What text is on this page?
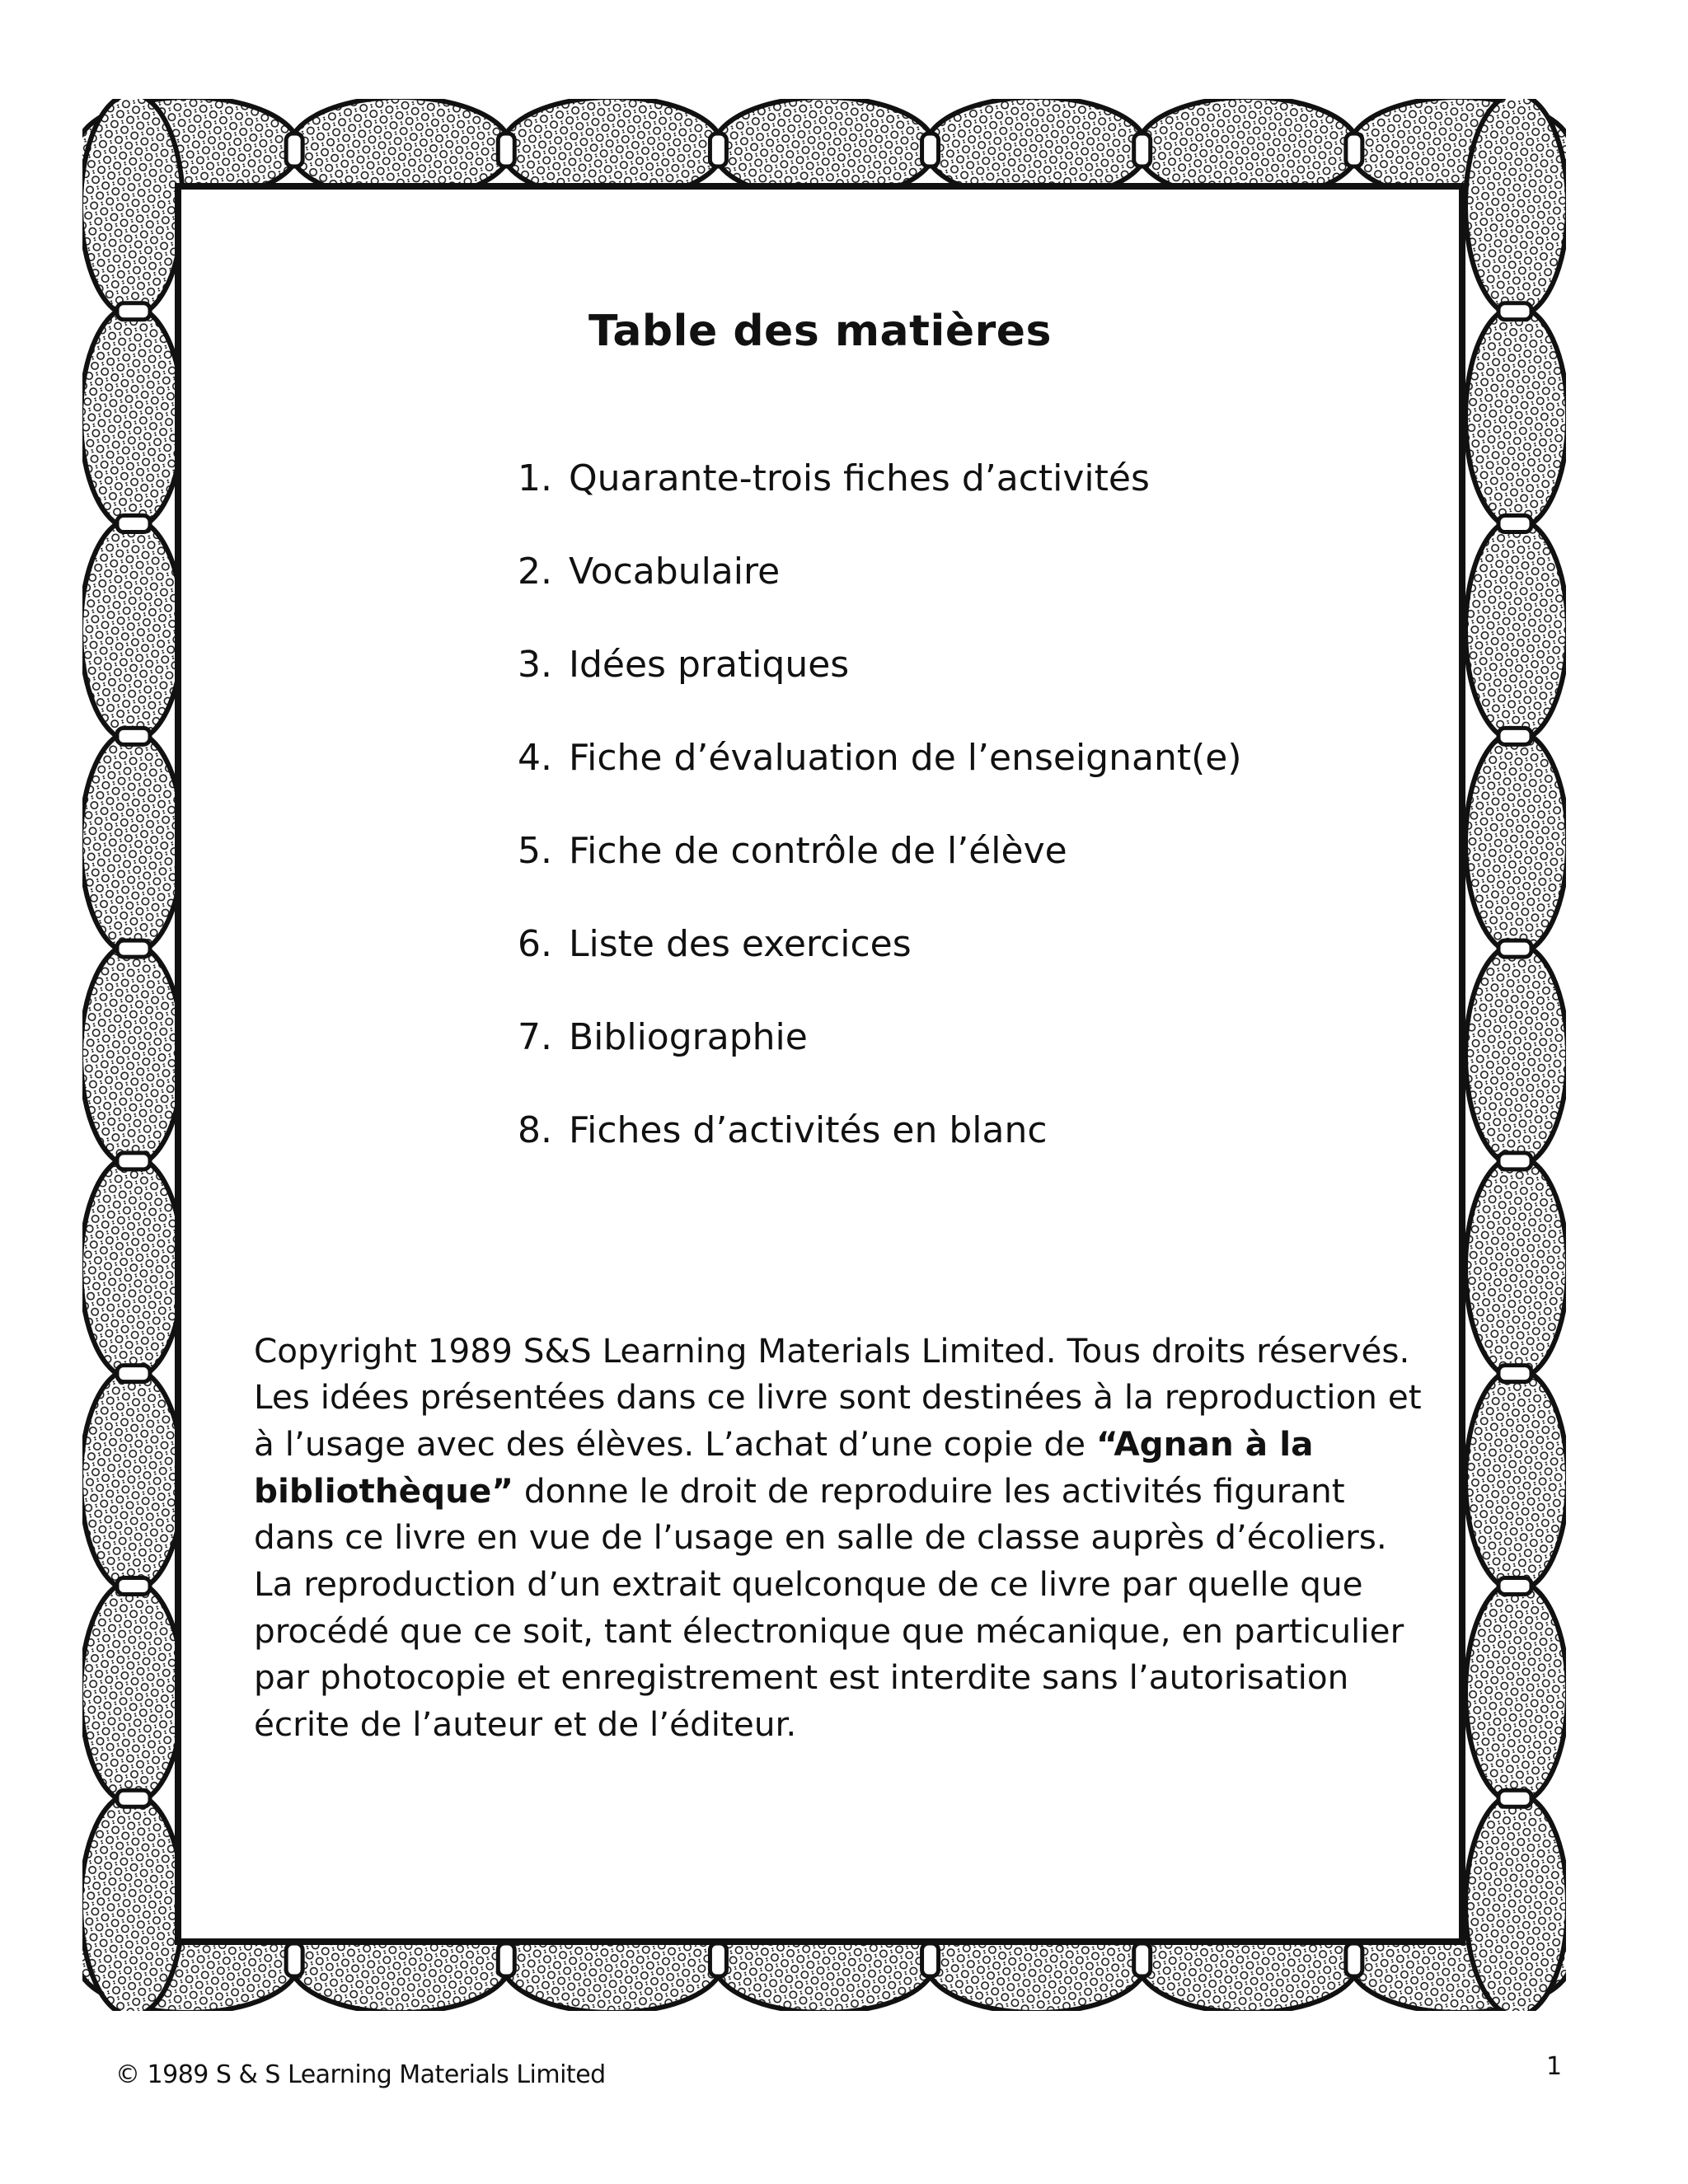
Table des matières
1. Quarante-trois fiches d’activités
2. Vocabulaire
3. Idées pratiques
4. Fiche d’évaluation de l’enseignant(e)
5. Fiche de contrôle de l’élève
6. Liste des exercices
7. Bibliographie
8. Fiches d’activités en blanc

Copyright 1989 S&S Learning Materials Limited. Tous droits réservés. Les idées présentées dans ce livre sont destinées à la reproduction et à l’usage avec des élèves. L’achat d’une copie de “Agnan à la bibliothèque” donne le droit de reproduire les activités figurant dans ce livre en vue de l’usage en salle de classe auprès d’écoliers. La reproduction d’un extrait quelconque de ce livre par quelle que procédé que ce soit, tant électronique que mécanique, en particulier par photocopie et enregistrement est interdite sans l’autorisation écrite de l’auteur et de l’éditeur.

© 1989 S & S Learning Materials Limited	1
